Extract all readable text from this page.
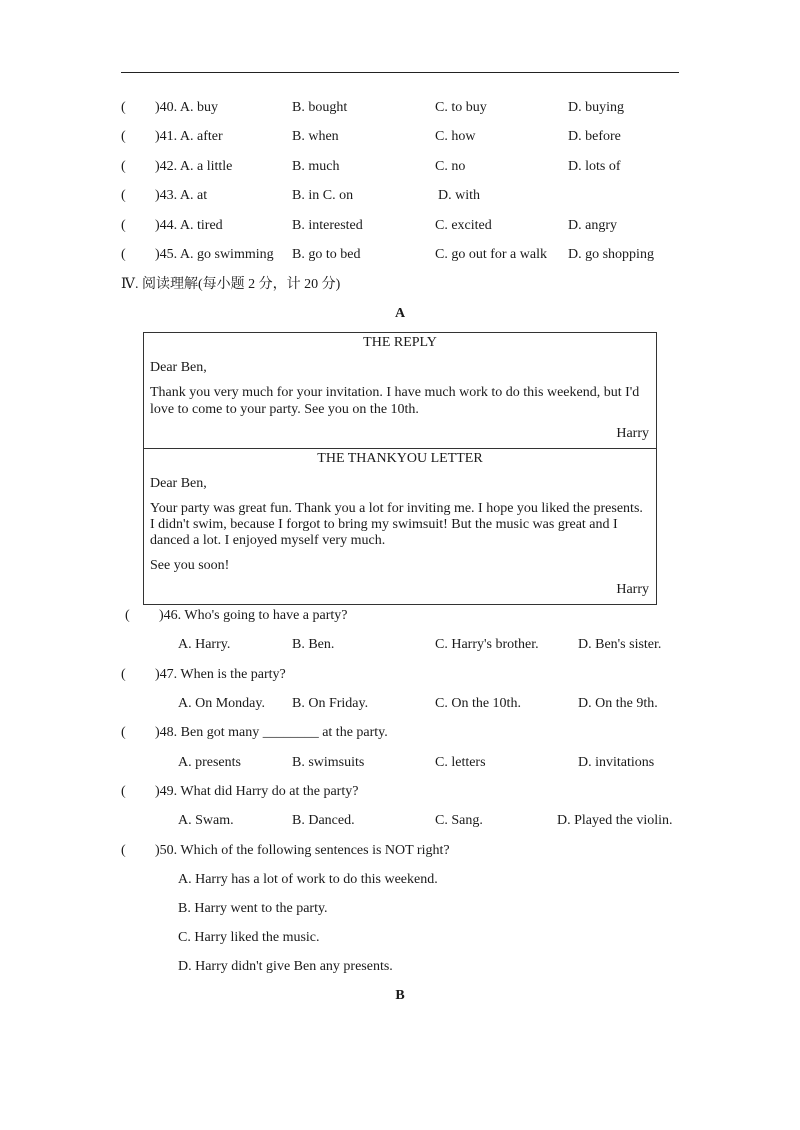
( )40. A. buy	B. bought	C. to buy	D. buying
( )41. A. after	B. when	C. how	D. before
( )42. A. a little	B. much	C. no	D. lots of
( )43. A. at	B. in C. on	D. with
( )44. A. tired	B. interested	C. excited	D. angry
( )45. A. go swimming B. go to bed	C. go out for a walk D. go shopping
Ⅳ. 阅读理解(每小题 2 分，计 20 分)
A
THE REPLY
Dear Ben,
Thank you very much for your invitation. I have much work to do this weekend, but I'd
love to come to your party. See you on the 10th.
Harry
THE THANKYOU LETTER
Dear Ben,
Your party was great fun. Thank you a lot for inviting me. I hope you liked the presents.
I didn't swim, because I forgot to bring my swimsuit! But the music was great and I
danced a lot. I enjoyed myself very much.
See you soon!
Harry
( )46. Who's going to have a party?
A. Harry.	B. Ben.	C. Harry's brother.	D. Ben's sister.
( )47. When is the party?
A. On Monday. B. On Friday.	C. On the 10th.	D. On the 9th.
( )48. Ben got many ________ at the party.
A. presents	B. swimsuits	C. letters	D. invitations
( )49. What did Harry do at the party?
A. Swam.	B. Danced.	C. Sang.	D. Played the violin.
( )50. Which of the following sentences is NOT right?
A. Harry has a lot of work to do this weekend.
B. Harry went to the party.
C. Harry liked the music.
D. Harry didn't give Ben any presents.
B
